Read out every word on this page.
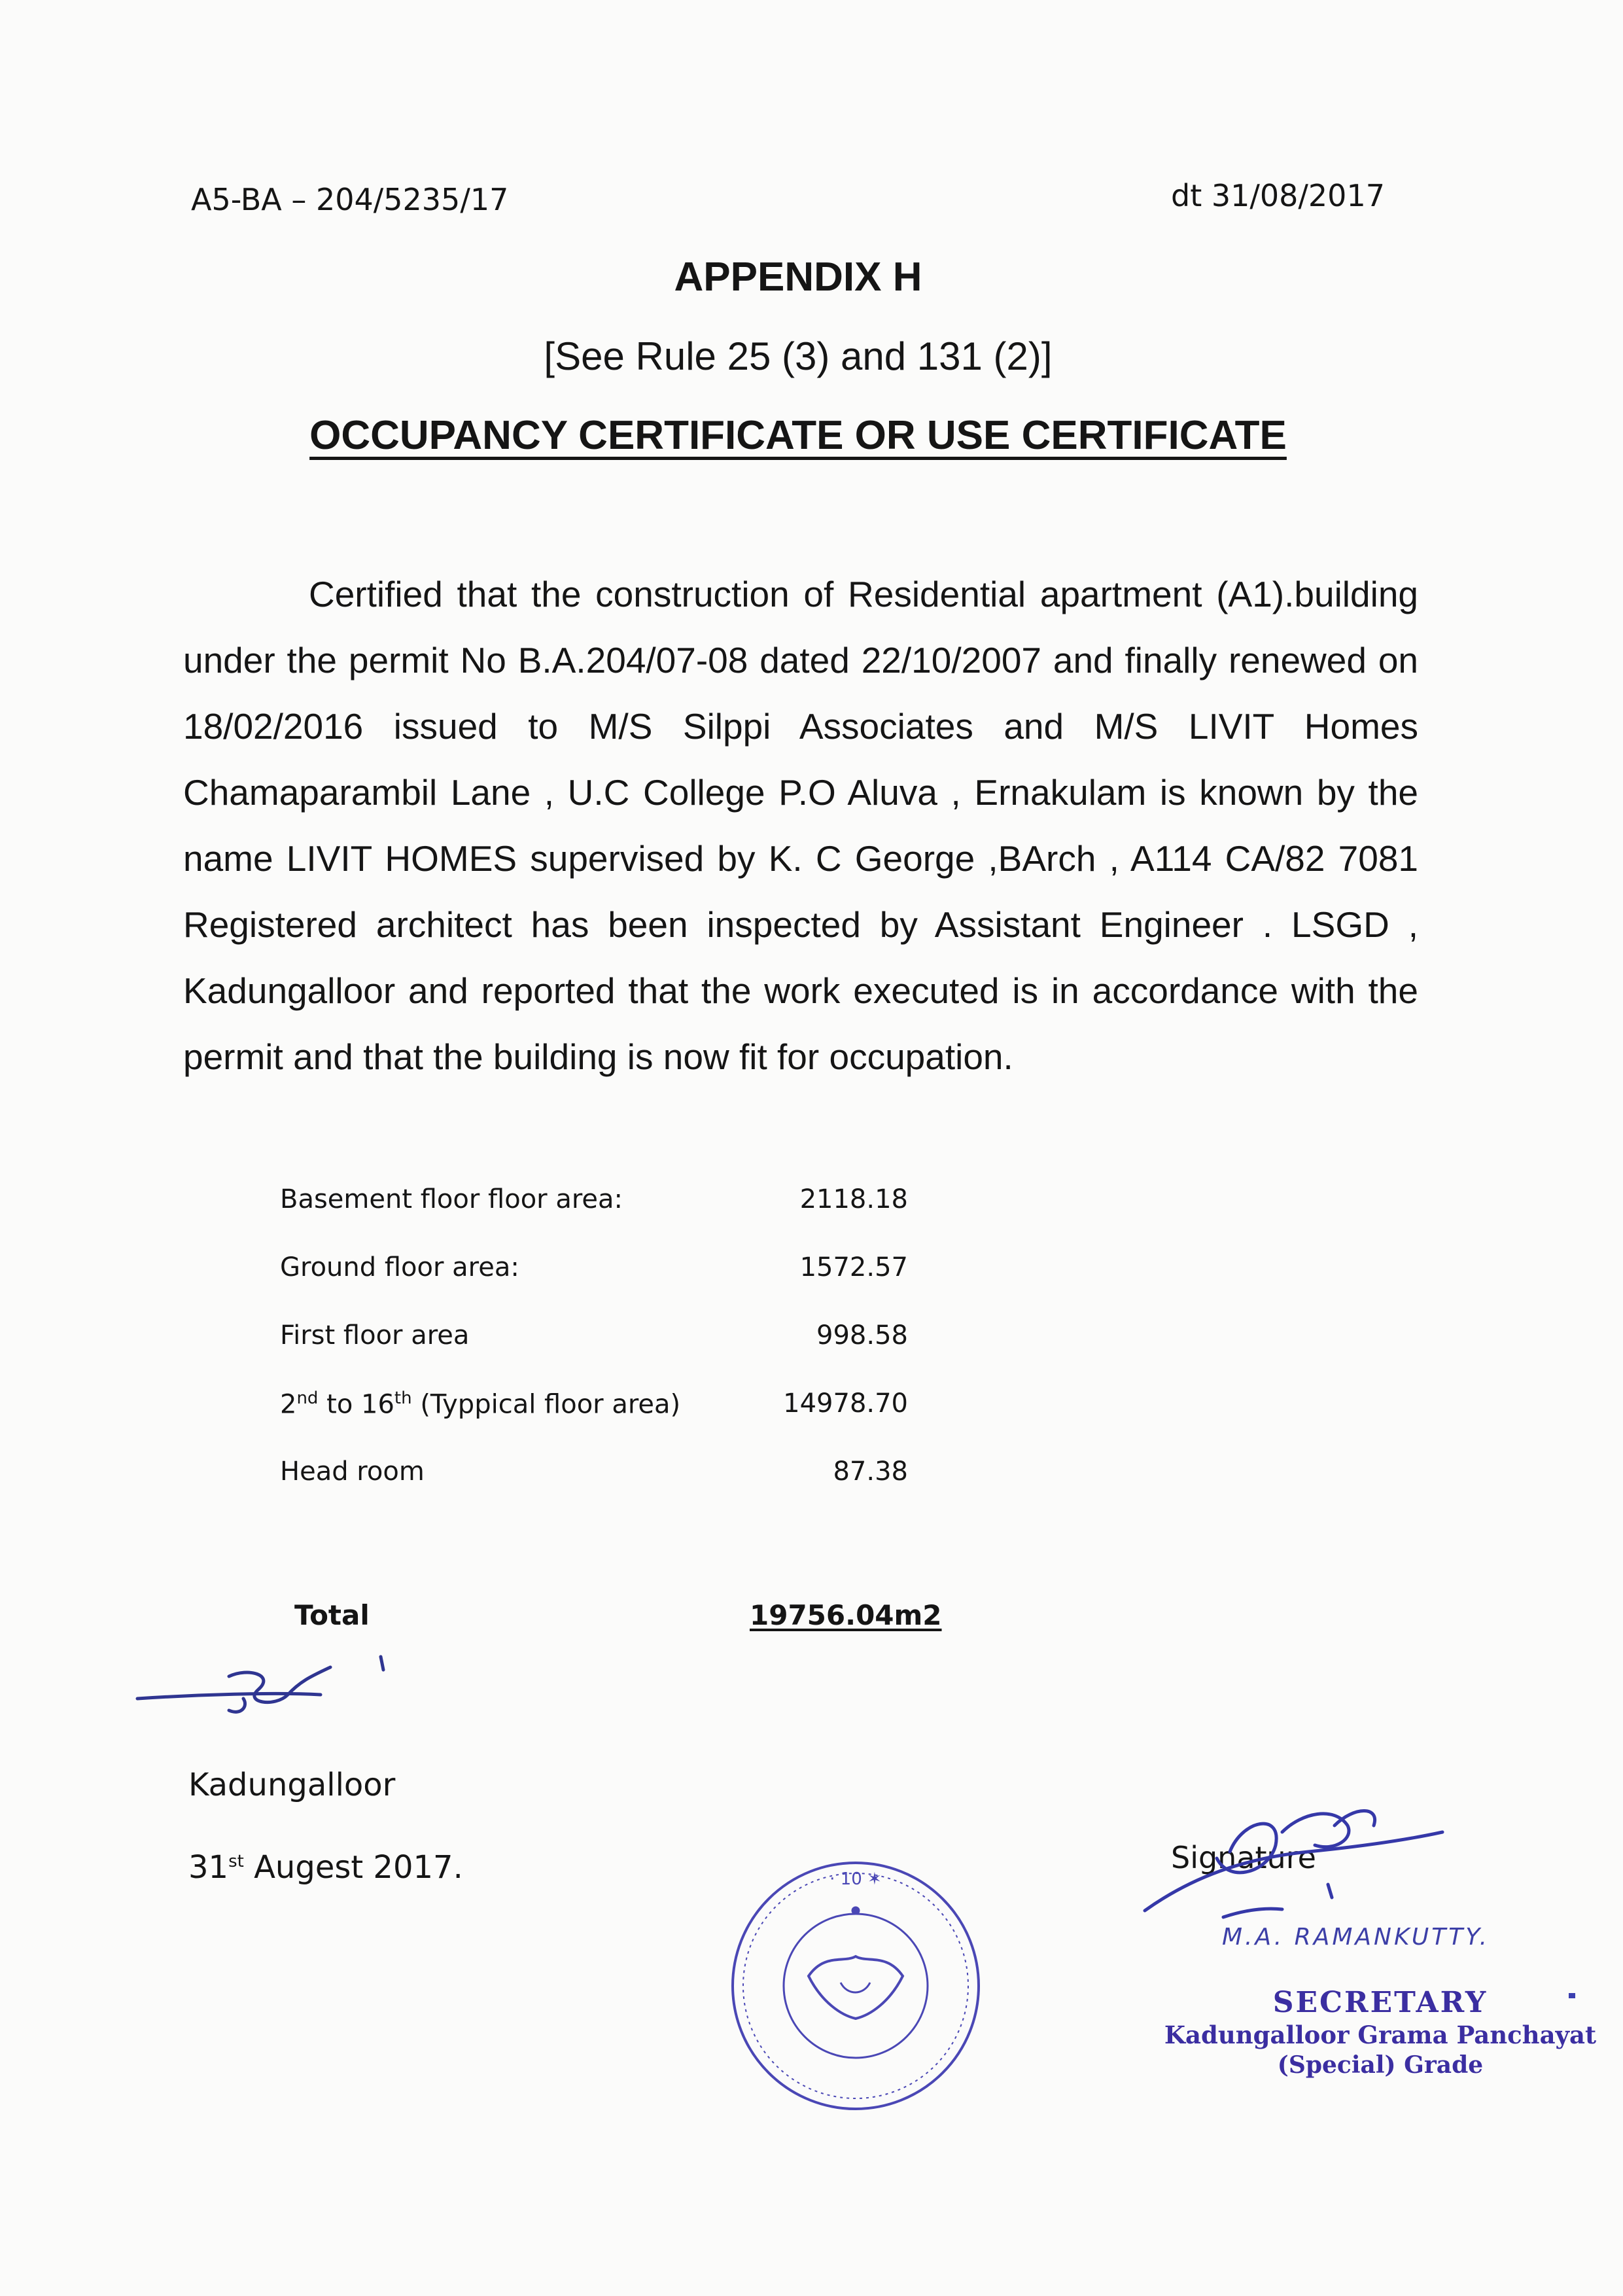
A5-BA – 204/5235/17	dt 31/08/2017
APPENDIX H
[See Rule 25 (3) and 131 (2)]
OCCUPANCY CERTIFICATE OR USE CERTIFICATE
Certified that the construction of Residential apartment (A1).building under the permit No B.A.204/07-08 dated 22/10/2007 and finally renewed on 18/02/2016 issued to M/S Silppi Associates and M/S LIVIT Homes Chamaparambil Lane , U.C College P.O Aluva , Ernakulam is known by the name LIVIT HOMES supervised by K. C George ,BArch , A114 CA/82 7081 Registered architect has been inspected by Assistant Engineer . LSGD , Kadungalloor and reported that the work executed is in accordance with the permit and that the building is now fit for occupation.
Basement floor floor area:	2118.18
Ground floor area:	1572.57
First floor area	998.58
2nd to 16th (Typpical floor area)	14978.70
Head room	87.38
Total	19756.04m2
Kadungalloor
31st Augest 2017.	Signature
M.A. RAMANKUTTY.
SECRETARY
Kadungalloor Grama Panchayat
(Special) Grade
· 10 ✶
